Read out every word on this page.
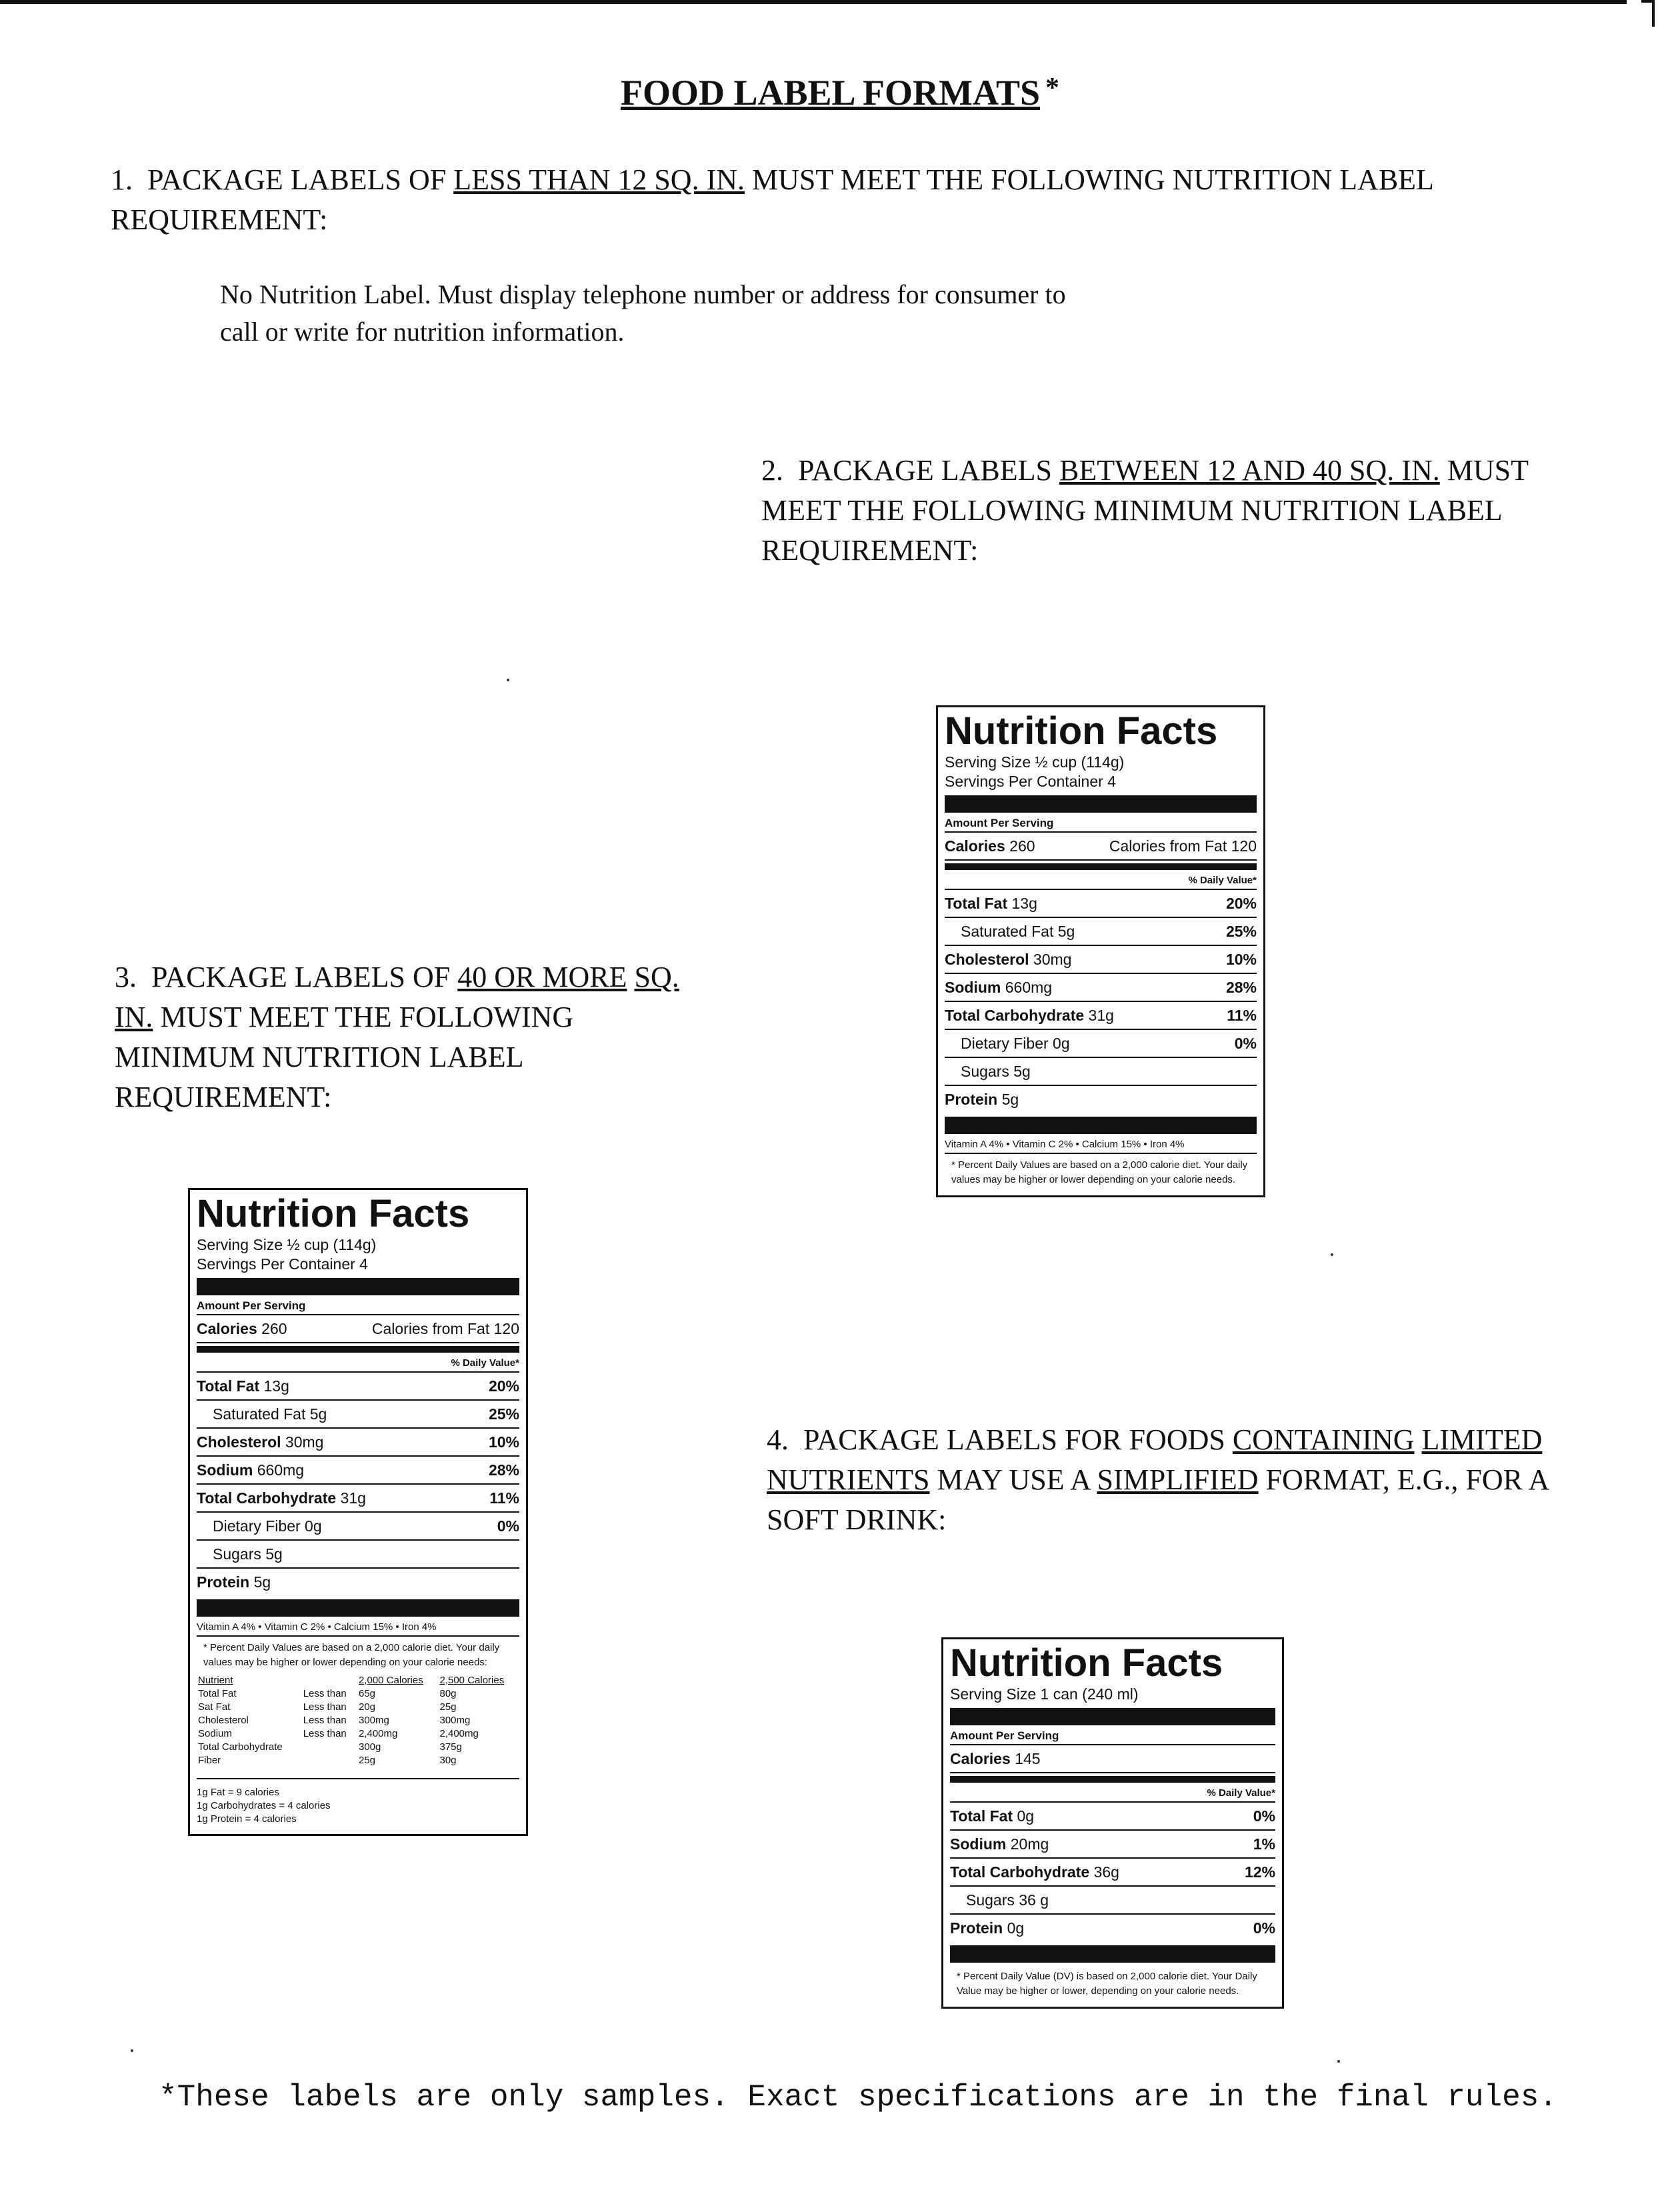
FOOD LABEL FORMATS *
1. PACKAGE LABELS OF LESS THAN 12 SQ. IN. MUST MEET THE FOLLOWING NUTRITION LABEL REQUIREMENT:
No Nutrition Label. Must display telephone number or address for consumer to call or write for nutrition information.
2. PACKAGE LABELS BETWEEN 12 AND 40 SQ. IN. MUST MEET THE FOLLOWING MINIMUM NUTRITION LABEL REQUIREMENT:
3. PACKAGE LABELS OF 40 OR MORE SQ. IN. MUST MEET THE FOLLOWING MINIMUM NUTRITION LABEL REQUIREMENT:
4. PACKAGE LABELS FOR FOODS CONTAINING LIMITED NUTRIENTS MAY USE A SIMPLIFIED FORMAT, E.G., FOR A SOFT DRINK:
Nutrition Facts
Serving Size ½ cup (114g)
Servings Per Container 4
Amount Per Serving
Calories 260	Calories from Fat 120
% Daily Value*
Total Fat 13g	20%
Saturated Fat 5g	25%
Cholesterol 30mg	10%
Sodium 660mg	28%
Total Carbohydrate 31g	11%
Dietary Fiber 0g	0%
Sugars 5g
Protein 5g
Vitamin A 4% • Vitamin C 2% • Calcium 15% • Iron 4%
* Percent Daily Values are based on a 2,000 calorie diet. Your daily values may be higher or lower depending on your calorie needs.
Nutrition Facts
Serving Size ½ cup (114g)
Servings Per Container 4
Amount Per Serving
Calories 260	Calories from Fat 120
% Daily Value*
Total Fat 13g	20%
Saturated Fat 5g	25%
Cholesterol 30mg	10%
Sodium 660mg	28%
Total Carbohydrate 31g	11%
Dietary Fiber 0g	0%
Sugars 5g
Protein 5g
Vitamin A 4% • Vitamin C 2% • Calcium 15% • Iron 4%
* Percent Daily Values are based on a 2,000 calorie diet. Your daily values may be higher or lower depending on your calorie needs:
Nutrient		2,000 Calories	2,500 Calories
Total Fat	Less than	65g	80g
Sat Fat	Less than	20g	25g
Cholesterol	Less than	300mg	300mg
Sodium	Less than	2,400mg	2,400mg
Total Carbohydrate		300g	375g
Fiber		25g	30g
1g Fat = 9 calories
1g Carbohydrates = 4 calories
1g Protein = 4 calories
Nutrition Facts
Serving Size 1 can (240 ml)
Amount Per Serving
Calories 145
% Daily Value*
Total Fat 0g	0%
Sodium 20mg	1%
Total Carbohydrate 36g	12%
Sugars 36 g
Protein 0g	0%
* Percent Daily Value (DV) is based on 2,000 calorie diet. Your Daily Value may be higher or lower, depending on your calorie needs.
*These labels are only samples. Exact specifications are in the final rules.
